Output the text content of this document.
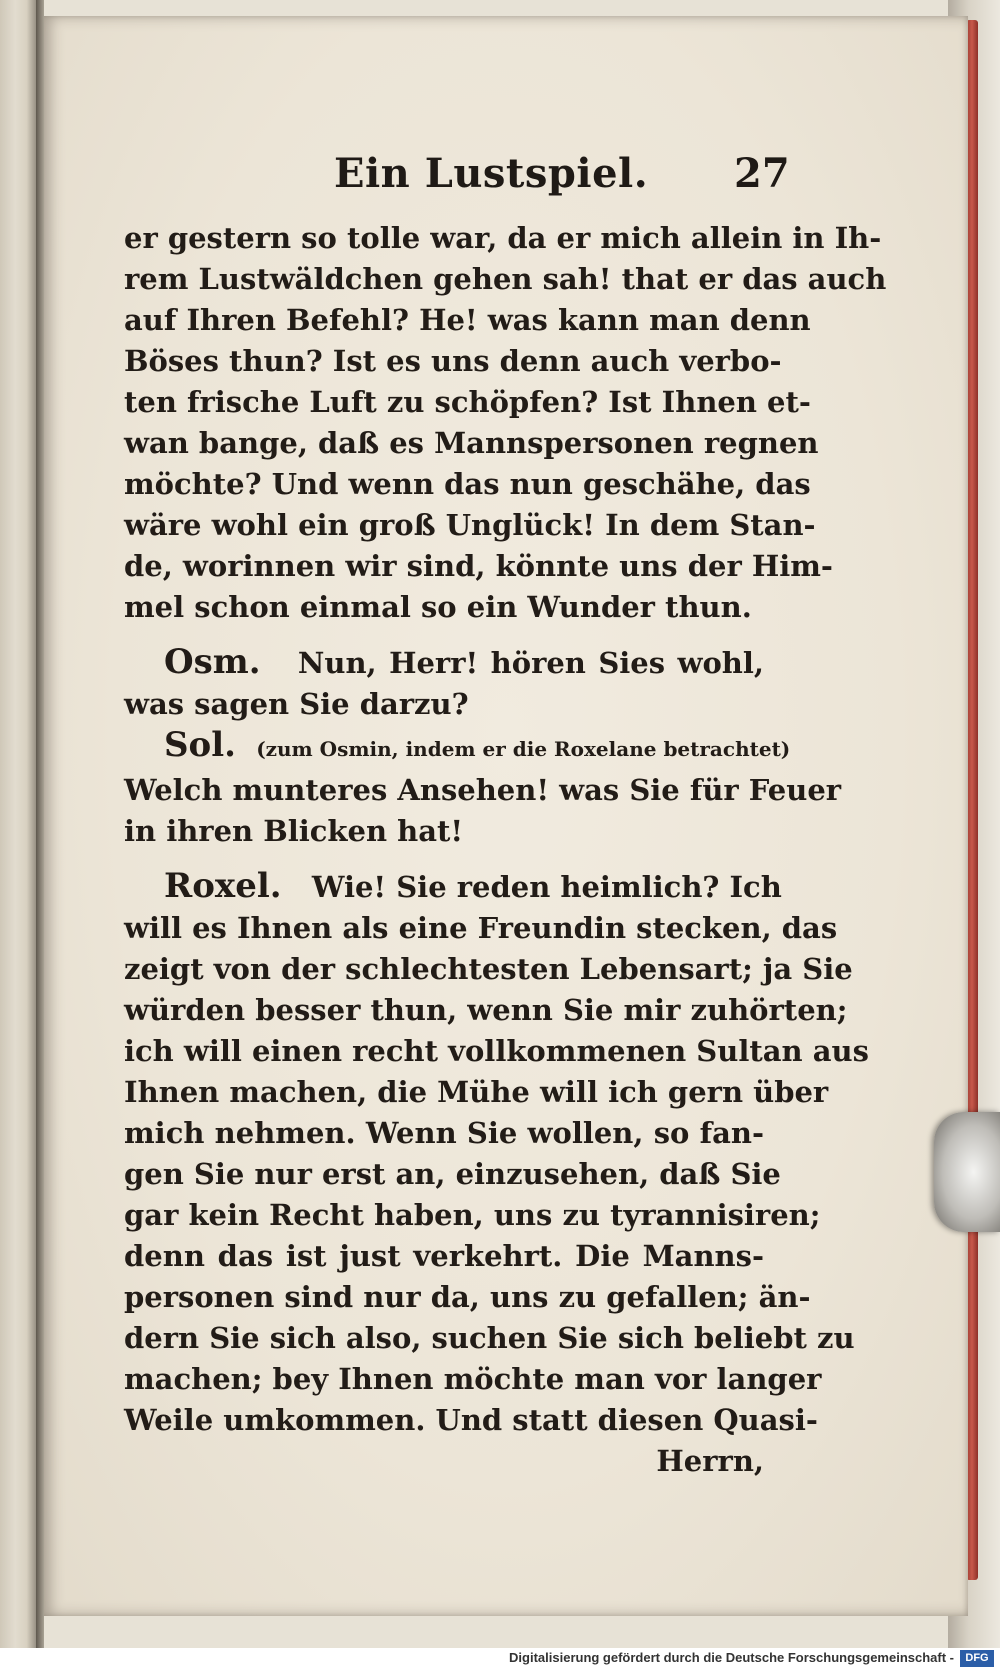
Ein Lustspiel. 27
er gestern so tolle war, da er mich allein in Ih-
rem Lustwäldchen gehen sah! that er das auch
auf Ihren Befehl? He! was kann man denn
Böses thun? Ist es uns denn auch verbo-
ten frische Luft zu schöpfen? Ist Ihnen et-
wan bange, daß es Mannspersonen regnen
möchte? Und wenn das nun geschähe, das
wäre wohl ein groß Unglück! In dem Stan-
de, worinnen wir sind, könnte uns der Him-
mel schon einmal so ein Wunder thun.
Osm. Nun, Herr! hören Sies wohl,
was sagen Sie darzu?
Sol. (zum Osmin, indem er die Roxelane betrachtet)
Welch munteres Ansehen! was Sie für Feuer
in ihren Blicken hat!
Roxel. Wie! Sie reden heimlich? Ich
will es Ihnen als eine Freundin stecken, das
zeigt von der schlechtesten Lebensart; ja Sie
würden besser thun, wenn Sie mir zuhörten;
ich will einen recht vollkommenen Sultan aus
Ihnen machen, die Mühe will ich gern über
mich nehmen. Wenn Sie wollen, so fan-
gen Sie nur erst an, einzusehen, daß Sie
gar kein Recht haben, uns zu tyrannisiren;
denn das ist just verkehrt. Die Manns-
personen sind nur da, uns zu gefallen; än-
dern Sie sich also, suchen Sie sich beliebt zu
machen; bey Ihnen möchte man vor langer
Weile umkommen. Und statt diesen Quasi-
Herrn,
Digitalisierung gefördert durch die Deutsche Forschungsgemeinschaft -	DFG
